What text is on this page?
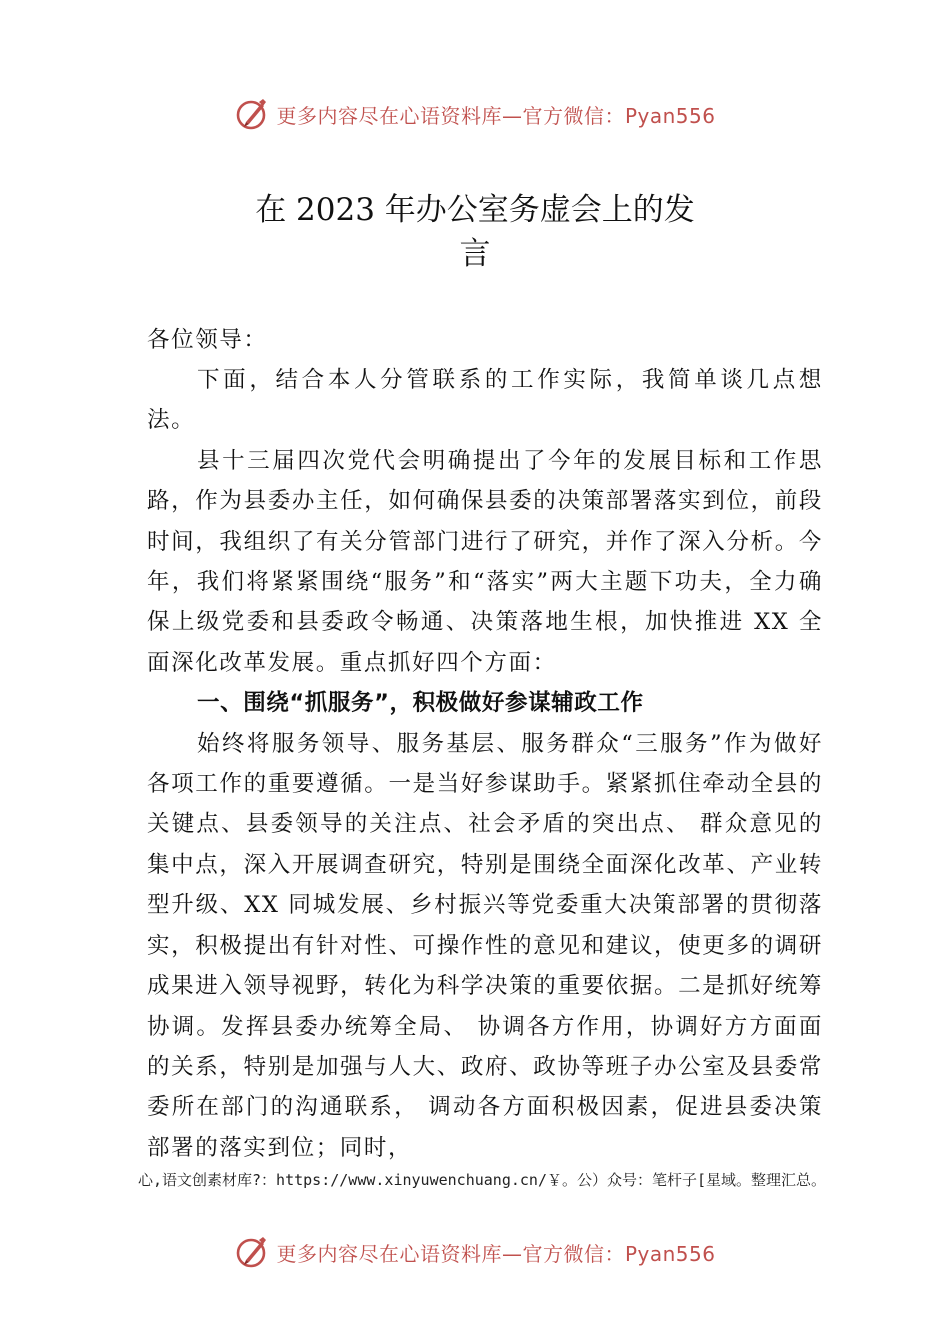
更多内容尽在心语资料库—官方微信：Pyan556
在 2023 年办公室务虚会上的发
言

各位领导：

下面，结合本人分管联系的工作实际，我简单谈几点想法。

县十三届四次党代会明确提出了今年的发展目标和工作思路，作为县委办主任，如何确保县委的决策部署落实到位，前段时间，我组织了有关分管部门进行了研究，并作了深入分析。今年，我们将紧紧围绕“服务”和“落实”两大主题下功夫，全力确保上级党委和县委政令畅通、决策落地生根，加快推进 XX 全面深化改革发展。重点抓好四个方面：

一、围绕“抓服务”，积极做好参谋辅政工作

始终将服务领导、服务基层、服务群众“三服务”作为做好各项工作的重要遵循。一是当好参谋助手。紧紧抓住牵动全县的关键点、县委领导的关注点、社会矛盾的突出点、 群众意见的集中点，深入开展调查研究，特别是围绕全面深化改革、产业转型升级、XX 同城发展、乡村振兴等党委重大决策部署的贯彻落实，积极提出有针对性、可操作性的意见和建议，使更多的调研成果进入领导视野，转化为科学决策的重要依据。二是抓好统筹协调。发挥县委办统筹全局、 协调各方作用，协调好方方面面的关系，特别是加强与人大、政府、政协等班子办公室及县委常委所在部门的沟通联系， 调动各方面积极因素，促进县委决策部署的落实到位；同时，

心,语文创素材库?：https://www.xinyuwenchuang.cn/￥。公）众号：笔杆子[星域。整理汇总。
更多内容尽在心语资料库—官方微信：Pyan556
